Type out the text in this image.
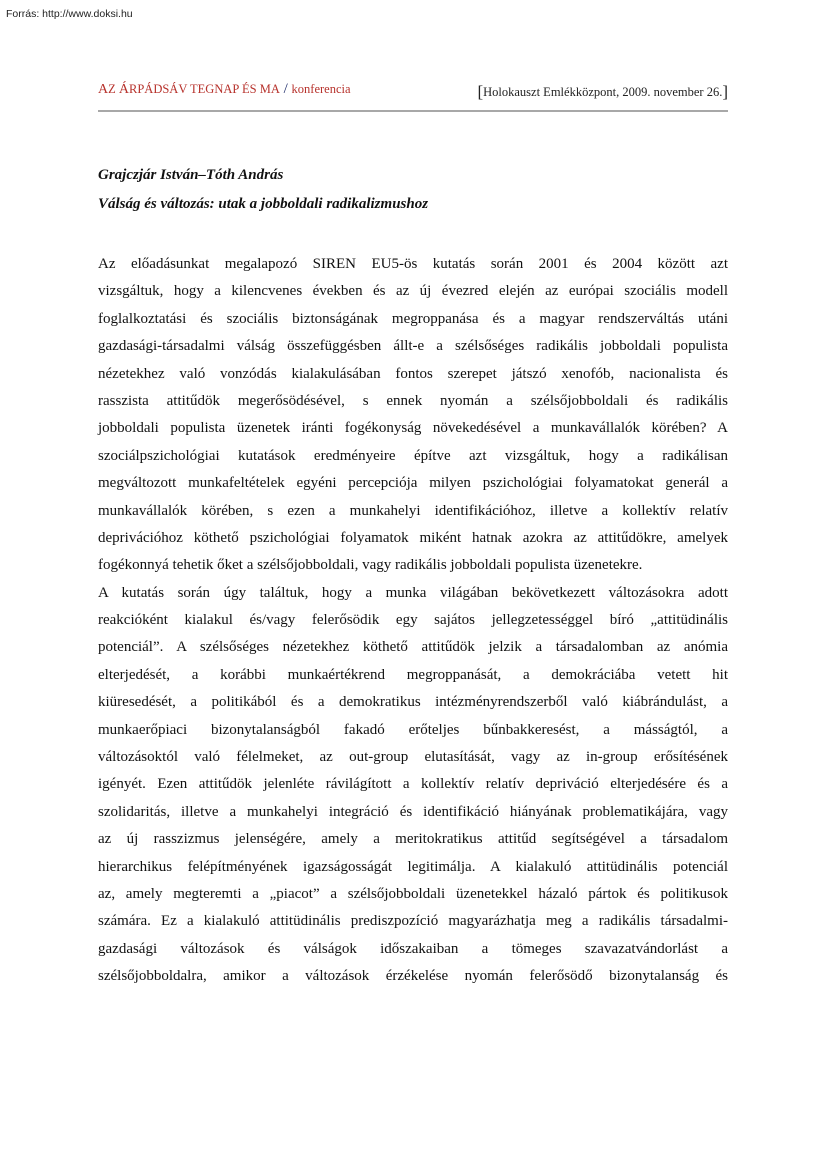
Forrás: http://www.doksi.hu
AZ ÁRPÁDSÁV TEGNAP ÉS MA / konferencia	[Holokauszt Emlékközpont, 2009. november 26.]
Grajczjár István–Tóth András
Válság és változás: utak a jobboldali radikalizmushoz
Az előadásunkat megalapozó SIREN EU5-ös kutatás során 2001 és 2004 között azt
vizsgáltuk, hogy a kilencvenes években és az új évezred elején az európai szociális modell
foglalkoztatási és szociális biztonságának megroppanása és a magyar rendszerváltás utáni
gazdasági-társadalmi válság összefüggésben állt-e a szélsőséges radikális jobboldali populista
nézetekhez való vonzódás kialakulásában fontos szerepet játszó xenofób, nacionalista és
rasszista attitűdök megerősödésével, s ennek nyomán a szélsőjobboldali és radikális
jobboldali populista üzenetek iránti fogékonyság növekedésével a munkavállalók körében? A
szociálpszichológiai kutatások eredményeire építve azt vizsgáltuk, hogy a radikálisan
megváltozott munkafeltételek egyéni percepciója milyen pszichológiai folyamatokat generál a
munkavállalók körében, s ezen a munkahelyi identifikációhoz, illetve a kollektív relatív
deprivációhoz köthető pszichológiai folyamatok miként hatnak azokra az attitűdökre, amelyek
fogékonnyá tehetik őket a szélsőjobboldali, vagy radikális jobboldali populista üzenetekre.
A kutatás során úgy találtuk, hogy a munka világában bekövetkezett változásokra adott
reakcióként kialakul és/vagy felerősödik egy sajátos jellegzetességgel bíró „attitüdinális
potenciál”. A szélsőséges nézetekhez köthető attitűdök jelzik a társadalomban az anómia
elterjedését, a korábbi munkaértékrend megroppanását, a demokráciába vetett hit
kiüresedését, a politikából és a demokratikus intézményrendszerből való kiábrándulást, a
munkaerőpiaci bizonytalanságból fakadó erőteljes bűnbakkeresést, a másságtól, a
változásoktól való félelmeket, az out-group elutasítását, vagy az in-group erősítésének
igényét. Ezen attitűdök jelenléte rávilágított a kollektív relatív depriváció elterjedésére és a
szolidaritás, illetve a munkahelyi integráció és identifikáció hiányának problematikájára, vagy
az új rasszizmus jelenségére, amely a meritokratikus attitűd segítségével a társadalom
hierarchikus felépítményének igazságosságát legitimálja. A kialakuló attitüdinális potenciál
az, amely megteremti a „piacot” a szélsőjobboldali üzenetekkel házaló pártok és politikusok
számára. Ez a kialakuló attitüdinális prediszpozíció magyarázhatja meg a radikális társadalmi-
gazdasági változások és válságok időszakaiban a tömeges szavazatvándorlást a
szélsőjobboldalra, amikor a változások érzékelése nyomán felerősödő bizonytalanság és
